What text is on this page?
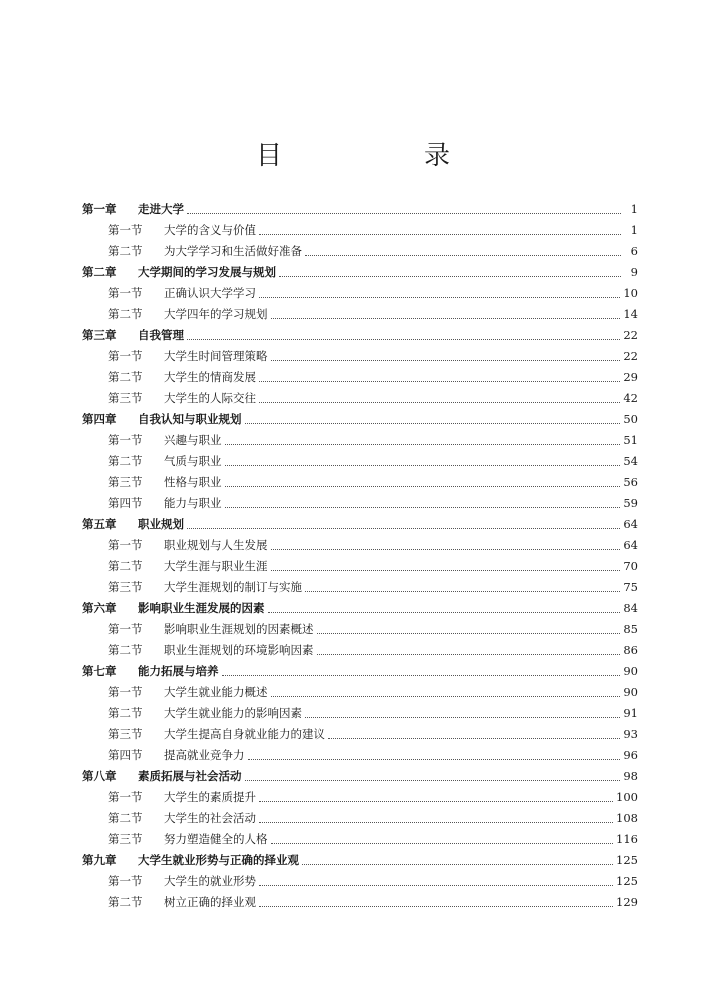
目　录
第一章	走进大学	1
第一节	大学的含义与价值	1
第二节	为大学学习和生活做好准备	6
第二章	大学期间的学习发展与规划	9
第一节	正确认识大学学习	10
第二节	大学四年的学习规划	14
第三章	自我管理	22
第一节	大学生时间管理策略	22
第二节	大学生的情商发展	29
第三节	大学生的人际交往	42
第四章	自我认知与职业规划	50
第一节	兴趣与职业	51
第二节	气质与职业	54
第三节	性格与职业	56
第四节	能力与职业	59
第五章	职业规划	64
第一节	职业规划与人生发展	64
第二节	大学生涯与职业生涯	70
第三节	大学生涯规划的制订与实施	75
第六章	影响职业生涯发展的因素	84
第一节	影响职业生涯规划的因素概述	85
第二节	职业生涯规划的环境影响因素	86
第七章	能力拓展与培养	90
第一节	大学生就业能力概述	90
第二节	大学生就业能力的影响因素	91
第三节	大学生提高自身就业能力的建议	93
第四节	提高就业竞争力	96
第八章	素质拓展与社会活动	98
第一节	大学生的素质提升	100
第二节	大学生的社会活动	108
第三节	努力塑造健全的人格	116
第九章	大学生就业形势与正确的择业观	125
第一节	大学生的就业形势	125
第二节	树立正确的择业观	129
